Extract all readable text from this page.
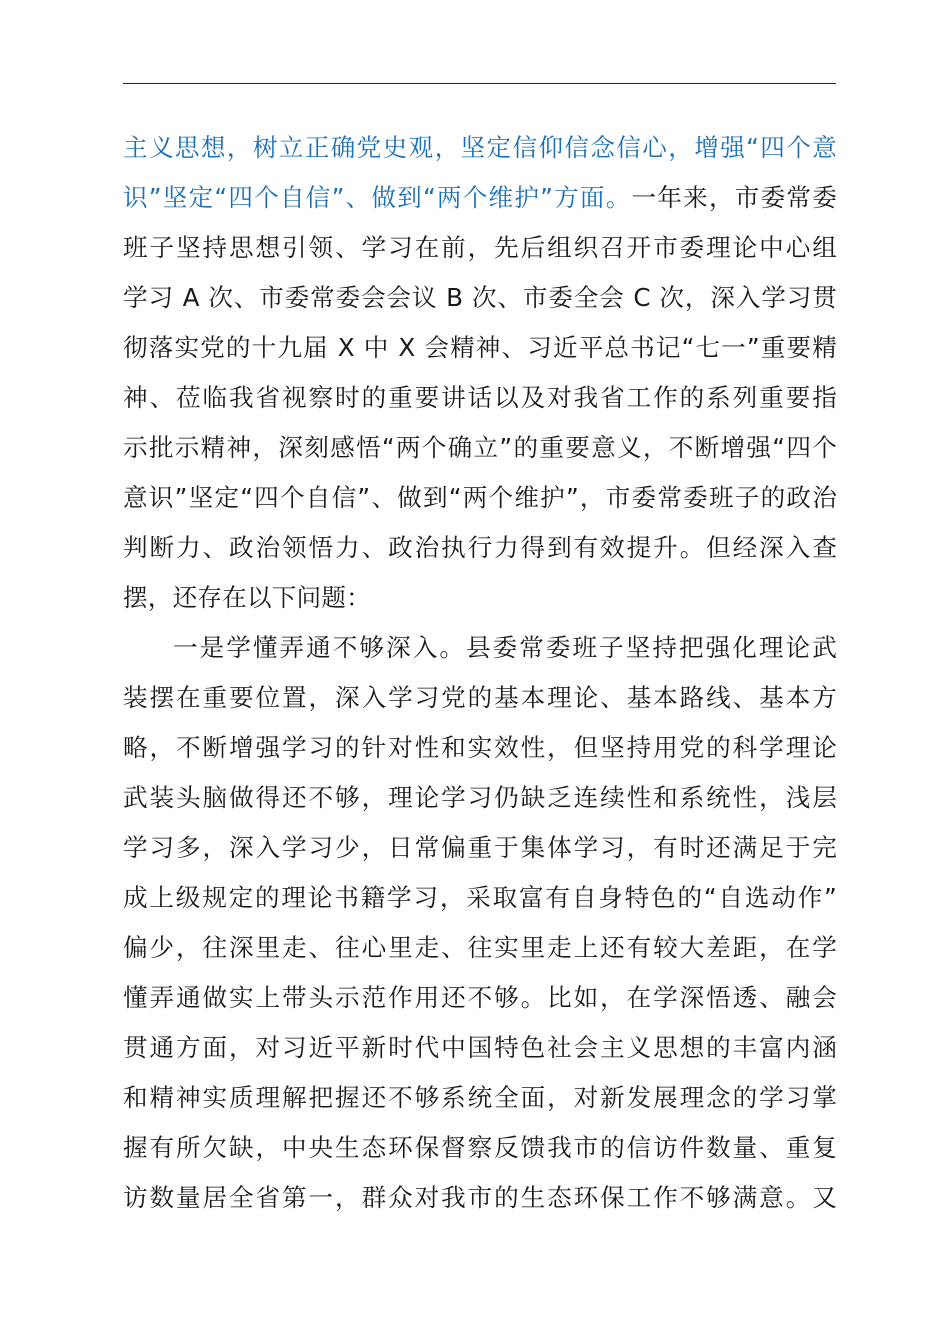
主义思想，树立正确党史观，坚定信仰信念信心，增强“四个意
识”坚定“四个自信”、做到“两个维护”方面。一年来，市委常委
班子坚持思想引领、学习在前，先后组织召开市委理论中心组
学习 A 次、市委常委会会议 B 次、市委全会 C 次，深入学习贯
彻落实党的十九届 X 中 X 会精神、习近平总书记“七一”重要精
神、莅临我省视察时的重要讲话以及对我省工作的系列重要指
示批示精神，深刻感悟“两个确立”的重要意义，不断增强“四个
意识”坚定“四个自信”、做到“两个维护”，市委常委班子的政治
判断力、政治领悟力、政治执行力得到有效提升。但经深入查
摆，还存在以下问题：
一是学懂弄通不够深入。县委常委班子坚持把强化理论武
装摆在重要位置，深入学习党的基本理论、基本路线、基本方
略，不断增强学习的针对性和实效性，但坚持用党的科学理论
武装头脑做得还不够，理论学习仍缺乏连续性和系统性，浅层
学习多，深入学习少，日常偏重于集体学习，有时还满足于完
成上级规定的理论书籍学习，采取富有自身特色的“自选动作”
偏少，往深里走、往心里走、往实里走上还有较大差距，在学
懂弄通做实上带头示范作用还不够。比如，在学深悟透、融会
贯通方面，对习近平新时代中国特色社会主义思想的丰富内涵
和精神实质理解把握还不够系统全面，对新发展理念的学习掌
握有所欠缺，中央生态环保督察反馈我市的信访件数量、重复
访数量居全省第一，群众对我市的生态环保工作不够满意。又
